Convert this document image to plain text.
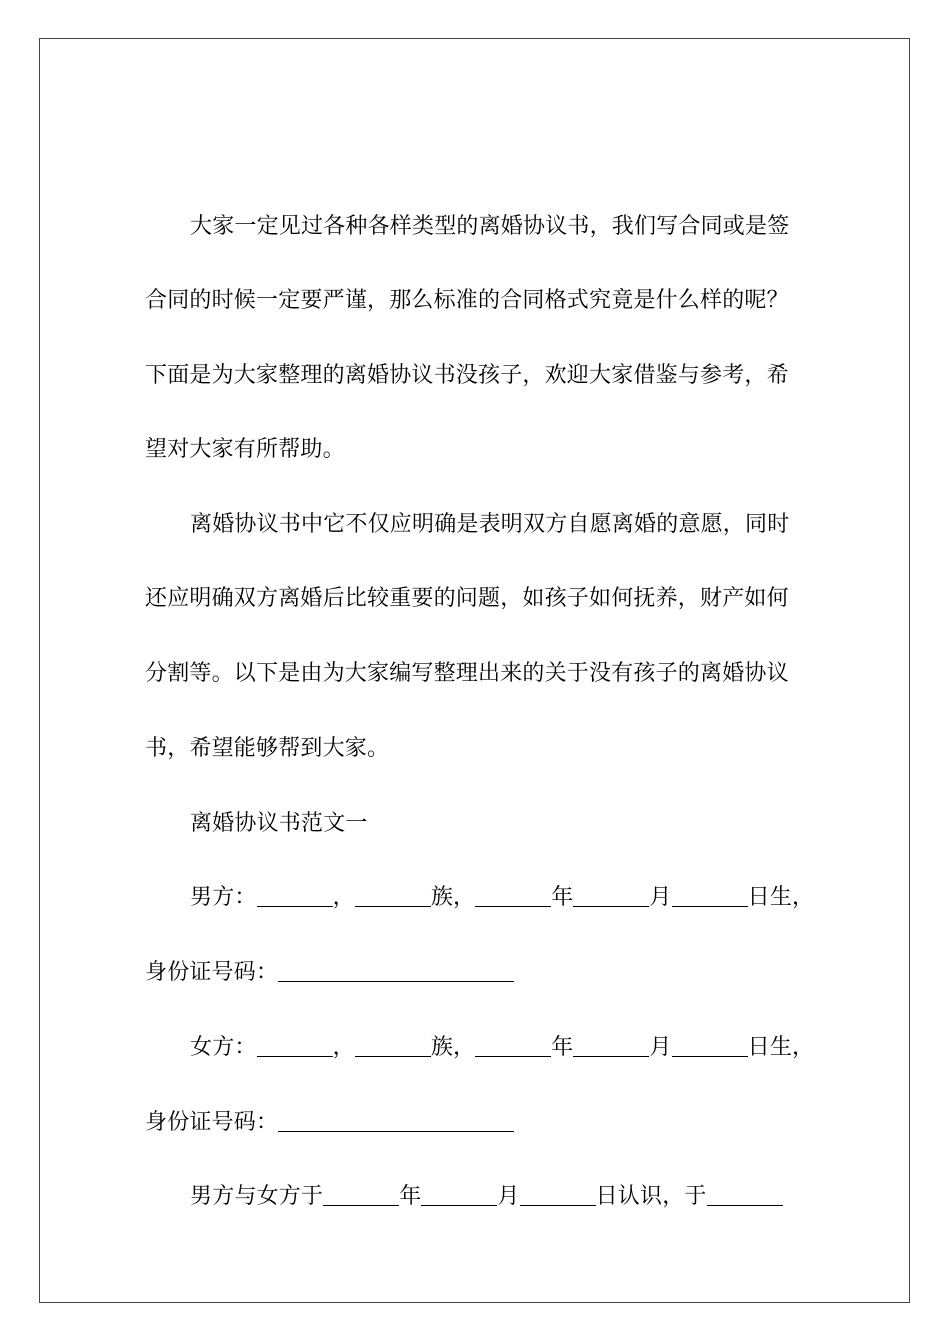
大家一定见过各种各样类型的离婚协议书，我们写合同或是签
合同的时候一定要严谨，那么标准的合同格式究竟是什么样的呢？
下面是为大家整理的离婚协议书没孩子，欢迎大家借鉴与参考，希
望对大家有所帮助。
离婚协议书中它不仅应明确是表明双方自愿离婚的意愿，同时
还应明确双方离婚后比较重要的问题，如孩子如何抚养，财产如何
分割等。以下是由为大家编写整理出来的关于没有孩子的离婚协议
书，希望能够帮到大家。
离婚协议书范文一
男方：	，	族，	年	月	日生，
身份证号码：
女方：	，	族，	年	月	日生，
身份证号码：
男方与女方于	年	月	日认识，于
